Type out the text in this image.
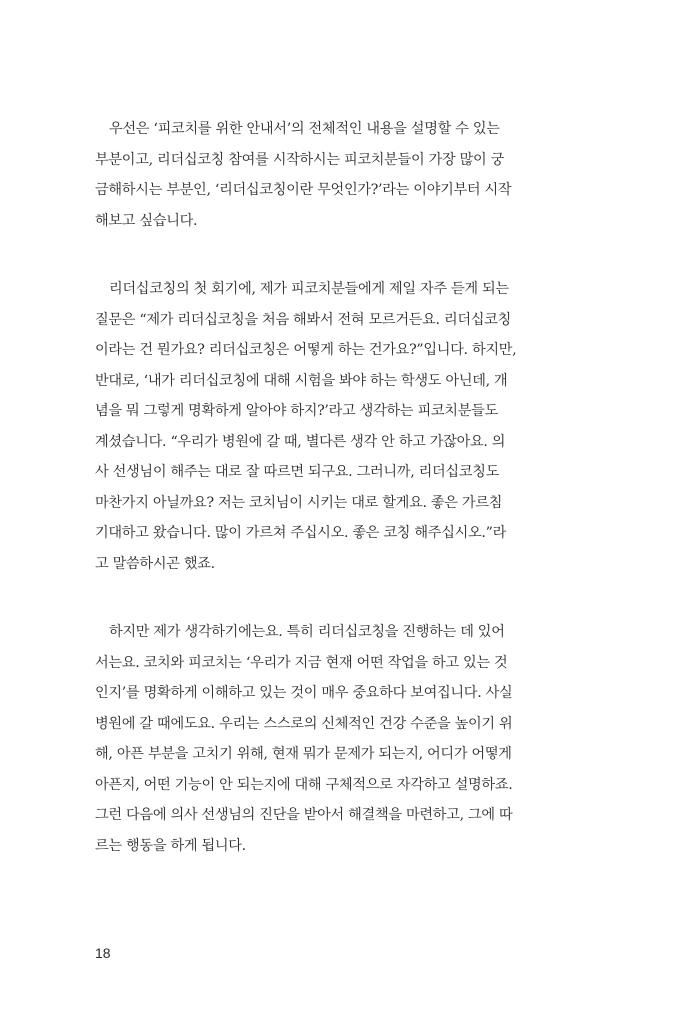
우선은 ‘피코치를 위한 안내서’의 전체적인 내용을 설명할 수 있는
부분이고, 리더십코칭 참여를 시작하시는 피코치분들이 가장 많이 궁
금해하시는 부분인, ‘리더십코칭이란 무엇인가?’라는 이야기부터 시작
해보고 싶습니다.

리더십코칭의 첫 회기에, 제가 피코치분들에게 제일 자주 듣게 되는
질문은 “제가 리더십코칭을 처음 해봐서 전혀 모르거든요. 리더십코칭
이라는 건 뭔가요? 리더십코칭은 어떻게 하는 건가요?”입니다. 하지만,
반대로, ‘내가 리더십코칭에 대해 시험을 봐야 하는 학생도 아닌데, 개
념을 뭐 그렇게 명확하게 알아야 하지?’라고 생각하는 피코치분들도
계셨습니다. “우리가 병원에 갈 때, 별다른 생각 안 하고 가잖아요. 의
사 선생님이 해주는 대로 잘 따르면 되구요. 그러니까, 리더십코칭도
마찬가지 아닐까요? 저는 코치님이 시키는 대로 할게요. 좋은 가르침
기대하고 왔습니다. 많이 가르쳐 주십시오. 좋은 코칭 해주십시오.”라
고 말씀하시곤 했죠.

하지만 제가 생각하기에는요. 특히 리더십코칭을 진행하는 데 있어
서는요. 코치와 피코치는 ‘우리가 지금 현재 어떤 작업을 하고 있는 것
인지’를 명확하게 이해하고 있는 것이 매우 중요하다 보여집니다. 사실
병원에 갈 때에도요. 우리는 스스로의 신체적인 건강 수준을 높이기 위
해, 아픈 부분을 고치기 위해, 현재 뭐가 문제가 되는지, 어디가 어떻게
아픈지, 어떤 기능이 안 되는지에 대해 구체적으로 자각하고 설명하죠.
그런 다음에 의사 선생님의 진단을 받아서 해결책을 마련하고, 그에 따
르는 행동을 하게 됩니다.

18
